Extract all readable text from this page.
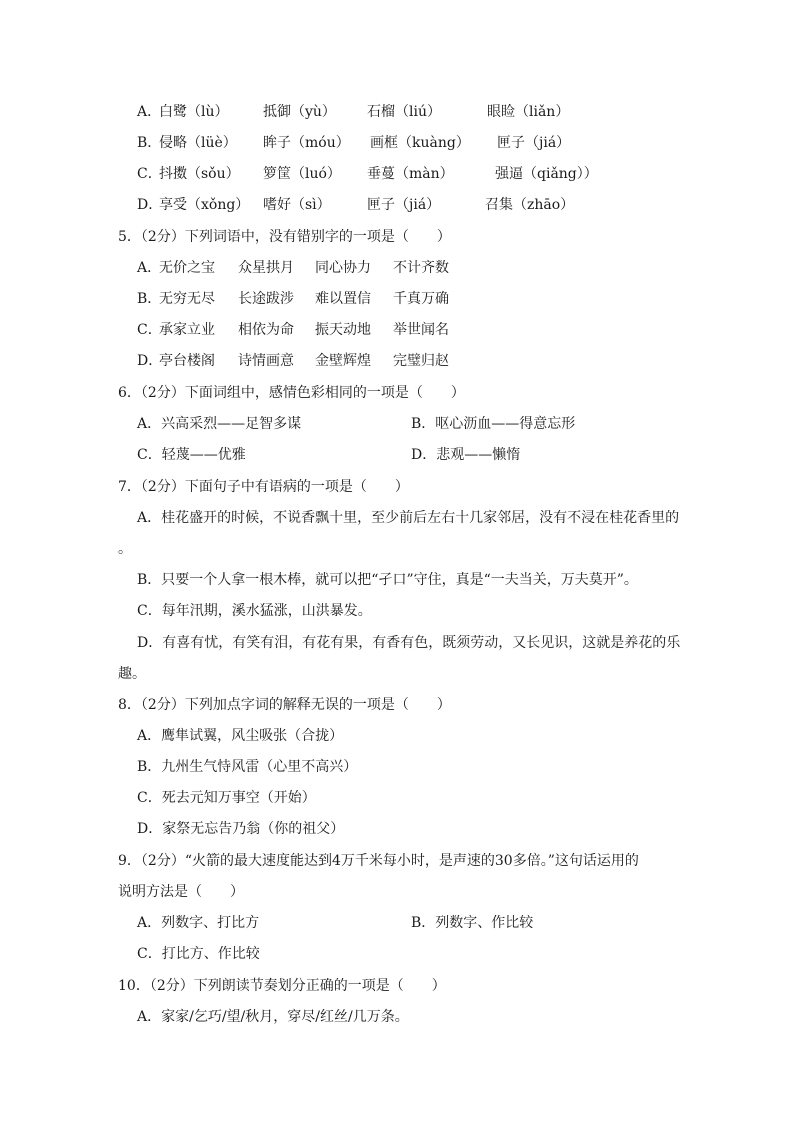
A．
白鹭（lù） 抵御（yù） 石榴（liú）	眼睑（liǎn）
B．
侵略（lüè） 眸子（móu） 画框（kuàng） 匣子（jiá）
C．
抖擞（sǒu） 箩筐（luó） 垂蔓（màn）	强逼（qiǎng））
D．
享受（xǒng） 嗜好（sì）	匣子（jiá）	召集（zhāo）
5．（2分）下列词语中，没有错别字的一项是（　　）
A．
无价之宝 众星拱月 同心协力 不计齐数
B．
无穷无尽 长途跋涉 难以置信 千真万确
C．
承家立业 相依为命 振天动地 举世闻名
D．
亭台楼阁 诗情画意 金壁辉煌 完璧归赵
6．（2分）下面词组中，感情色彩相同的一项是（　　）
A．兴高采烈——足智多谋	B．呕心沥血——得意忘形
C．轻蔑——优雅	D．悲观——懒惰
7．（2分）下面句子中有语病的一项是（　　）
A．桂花盛开的时候，不说香飘十里，至少前后左右十几家邻居，没有不浸在桂花香里的
。
B．只要一个人拿一根木棒，就可以把“孑口”守住，真是“一夫当关，万夫莫开”。
C．每年汛期，溪水猛涨，山洪暴发。
D．有喜有忧，有笑有泪，有花有果，有香有色，既须劳动，又长见识，这就是养花的乐
趣。
8．（2分）下列加点字词的解释无误的一项是（　　）
A．鹰隼试翼，风尘吸张（合拢）
B．九州生气恃风雷（心里不高兴）
C．死去元知万事空（开始）
D．家祭无忘告乃翁（你的祖父）
9．（2分）“火箭的最大速度能达到4万千米每小时，是声速的30多倍。”这句话运用的
说明方法是（　　）
A．列数字、打比方	B．列数字、作比较
C．打比方、作比较
10．（2分）下列朗读节奏划分正确的一项是（　　）
A．家家/乞巧/望/秋月，穿尽/红丝/几万条。
